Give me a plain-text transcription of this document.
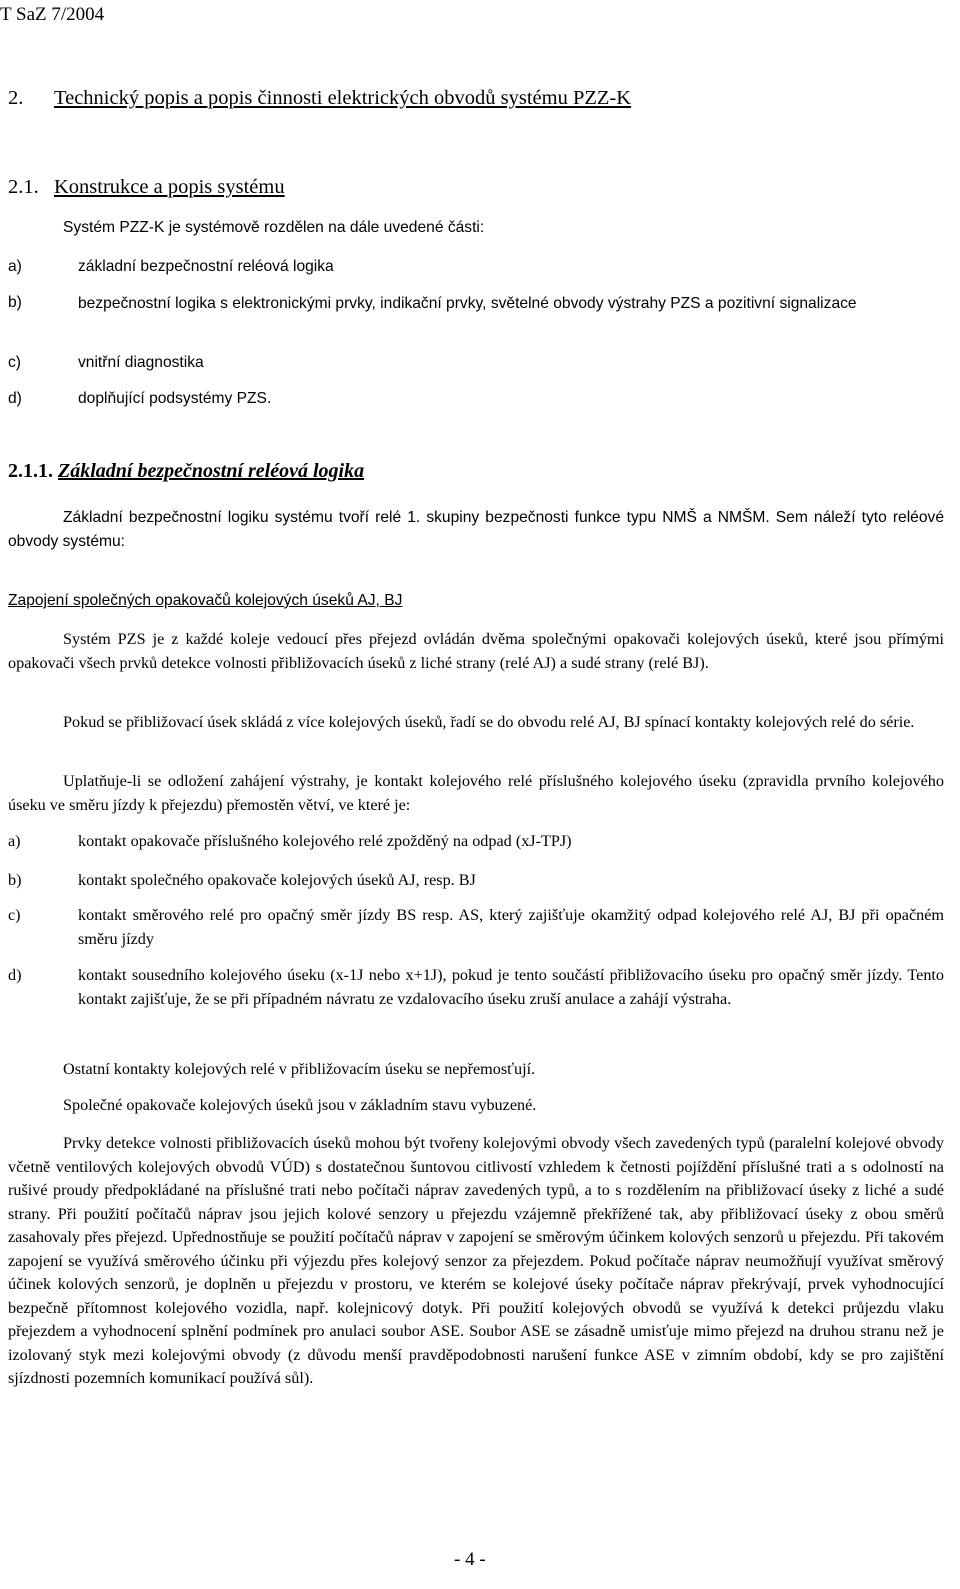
T SaZ 7/2004
2. Technický popis a popis činnosti elektrických obvodů systému PZZ-K
2.1. Konstrukce a popis systému
Systém PZZ-K je systémově rozdělen na dále uvedené části:
a)	základní bezpečnostní reléová logika
b)	bezpečnostní logika s elektronickými prvky, indikační prvky, světelné obvody výstrahy PZS a pozitivní signalizace
c)	vnitřní diagnostika
d)	doplňující podsystémy PZS.
2.1.1. Základní bezpečnostní reléová logika
Základní bezpečnostní logiku systému tvoří relé 1. skupiny bezpečnosti funkce typu NMŠ a NMŠM. Sem náleží tyto reléové obvody systému:
Zapojení společných opakovačů kolejových úseků AJ, BJ
Systém PZS je z každé koleje vedoucí přes přejezd ovládán dvěma společnými opakovači kolejových úseků, které jsou přímými opakovači všech prvků detekce volnosti přibližovacích úseků z liché strany (relé AJ) a sudé strany (relé BJ).
Pokud se přibližovací úsek skládá z více kolejových úseků, řadí se do obvodu relé AJ, BJ spínací kontakty kolejových relé do série.
Uplatňuje-li se odložení zahájení výstrahy, je kontakt kolejového relé příslušného kolejového úseku (zpravidla prvního kolejového úseku ve směru jízdy k přejezdu) přemostěn větví, ve které je:
a)	kontakt opakovače příslušného kolejového relé zpožděný na odpad (xJ-TPJ)
b)	kontakt společného opakovače kolejových úseků AJ, resp. BJ
c)	kontakt směrového relé pro opačný směr jízdy BS resp. AS, který zajišťuje okamžitý odpad kolejového relé AJ, BJ při opačném směru jízdy
d)	kontakt sousedního kolejového úseku (x-1J nebo x+1J), pokud je tento součástí přibližovacího úseku pro opačný směr jízdy. Tento kontakt zajišťuje, že se při případném návratu ze vzdalovacího úseku zruší anulace a zahájí výstraha.
Ostatní kontakty kolejových relé v přibližovacím úseku se nepřemosťují.
Společné opakovače kolejových úseků jsou v základním stavu vybuzené.
Prvky detekce volnosti přibližovacích úseků mohou být tvořeny kolejovými obvody všech zavedených typů (paralelní kolejové obvody včetně ventilových kolejových obvodů VÚD) s dostatečnou šuntovou citlivostí vzhledem k četnosti pojíždění příslušné trati a s odolností na rušivé proudy předpokládané na příslušné trati nebo počítači náprav zavedených typů, a to s rozdělením na přibližovací úseky z liché a sudé strany. Při použití počítačů náprav jsou jejich kolové senzory u přejezdu vzájemně překřížené tak, aby přibližovací úseky z obou směrů zasahovaly přes přejezd. Upřednostňuje se použití počítačů náprav v zapojení se směrovým účinkem kolových senzorů u přejezdu. Při takovém zapojení se využívá směrového účinku při výjezdu přes kolejový senzor za přejezdem. Pokud počítače náprav neumožňují využívat směrový účinek kolových senzorů, je doplněn u přejezdu v prostoru, ve kterém se kolejové úseky počítače náprav překrývají, prvek vyhodnocující bezpečně přítomnost kolejového vozidla, např. kolejnicový dotyk. Při použití kolejových obvodů se využívá k detekci průjezdu vlaku přejezdem a vyhodnocení splnění podmínek pro anulaci soubor ASE. Soubor ASE se zásadně umisťuje mimo přejezd na druhou stranu než je izolovaný styk mezi kolejovými obvody (z důvodu menší pravděpodobnosti narušení funkce ASE v zimním období, kdy se pro zajištění sjízdnosti pozemních komunikací používá sůl).
- 4 -
